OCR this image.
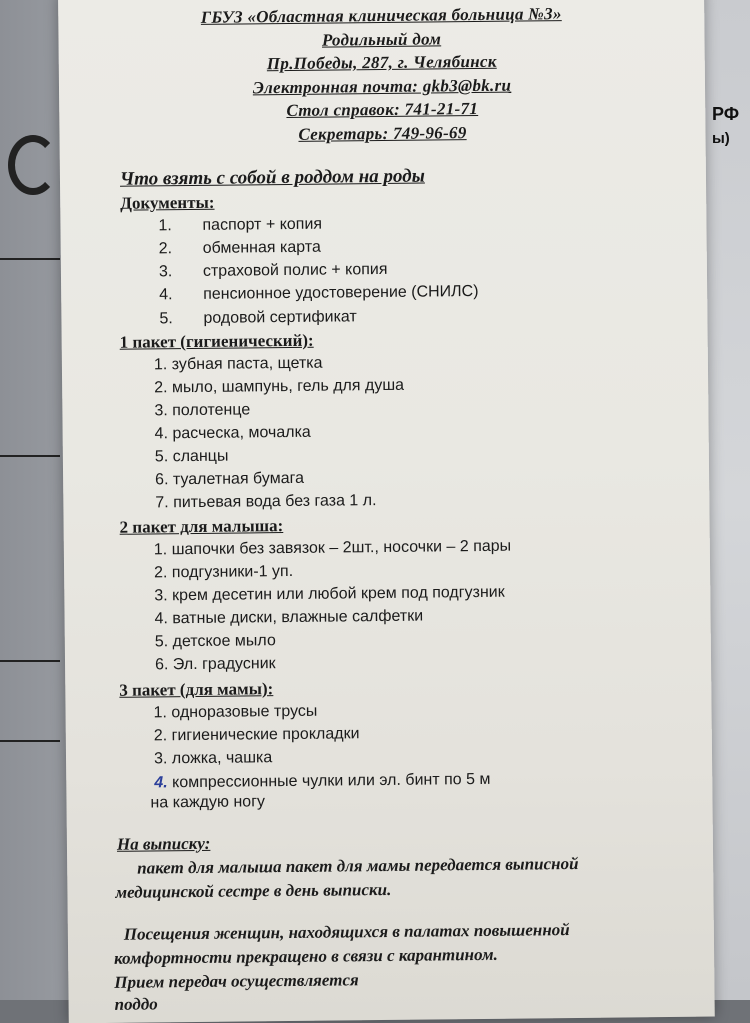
РФ
ы)
ГБУЗ «Областная клиническая больница №3»
Родильный дом
Пр.Победы, 287, г. Челябинск
Электронная почта: gkb3@bk.ru
Стол справок: 741-21-71
Секретарь: 749-96-69
Что взять с собой в роддом на роды
Документы:
1. паспорт + копия
2. обменная карта
3. страховой полис + копия
4. пенсионное удостоверение (СНИЛС)
5. родовой сертификат
1 пакет (гигиенический):
1. зубная паста, щетка
2. мыло, шампунь, гель для душа
3. полотенце
4. расческа, мочалка
5. сланцы
6. туалетная бумага
7. питьевая вода без газа 1 л.
2 пакет для малыша:
1. шапочки без завязок – 2шт., носочки – 2 пары
2. подгузники-1 уп.
3. крем десетин или любой крем под подгузник
4. ватные диски, влажные салфетки
5. детское мыло
6. Эл. градусник
3 пакет (для мамы):
1. одноразовые трусы
2. гигиенические прокладки
3. ложка, чашка
4. компрессионные чулки или эл. бинт по 5 м
на каждую ногу
На выписку:
пакет для малыша пакет для мамы передается выписной
медицинской сестре в день выписки.
Посещения женщин, находящихся в палатах повышенной
комфортности прекращено в связи с карантином.
Прием передач осуществляется
поддо
